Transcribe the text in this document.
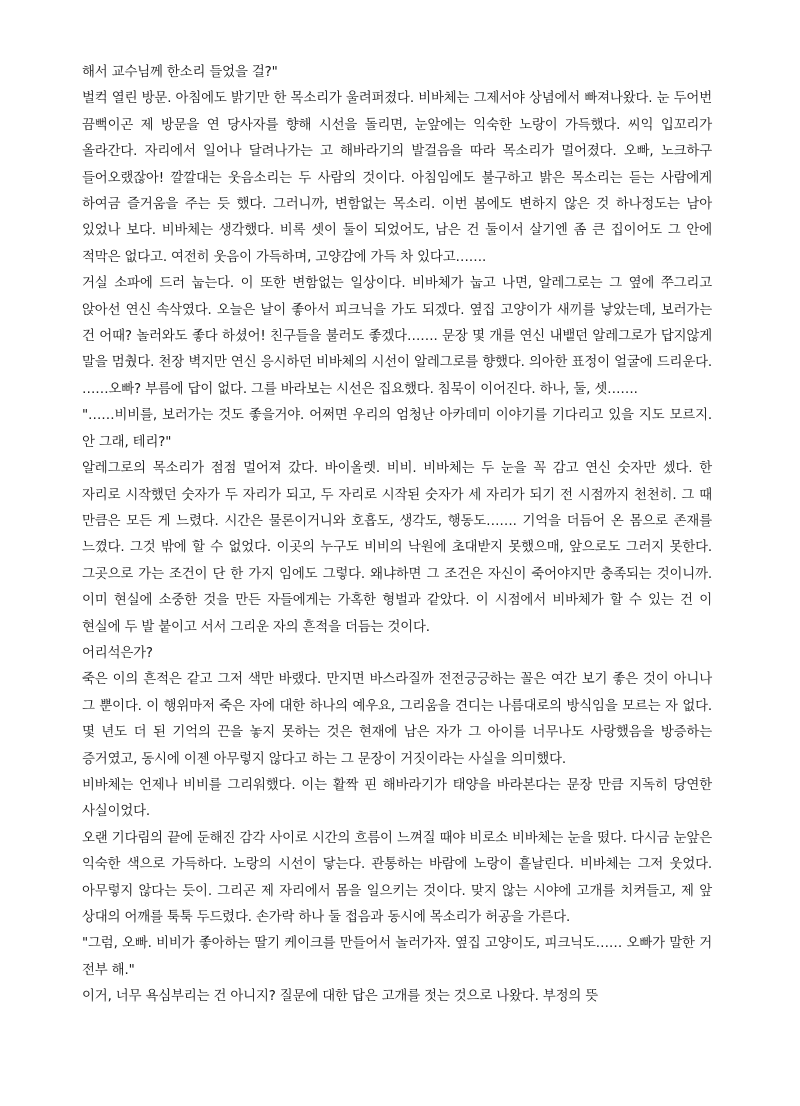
해서 교수님께 한소리 들었을 걸?"

벌컥 열린 방문. 아침에도 밝기만 한 목소리가 울려퍼졌다. 비바체는 그제서야 상념에서 빠져나왔다. 눈 두어번 끔뻑이곤 제 방문을 연 당사자를 향해 시선을 돌리면, 눈앞에는 익숙한 노랑이 가득했다. 씨익 입꼬리가 올라간다. 자리에서 일어나 달려나가는 고 해바라기의 발걸음을 따라 목소리가 멀어졌다. 오빠, 노크하구 들어오랬잖아! 깔깔대는 웃음소리는 두 사람의 것이다. 아침임에도 불구하고 밝은 목소리는 듣는 사람에게 하여금 즐거움을 주는 듯 했다. 그러니까, 변함없는 목소리. 이번 봄에도 변하지 않은 것 하나정도는 남아 있었나 보다. 비바체는 생각했다. 비록 셋이 둘이 되었어도, 남은 건 둘이서 살기엔 좀 큰 집이어도 그 안에 적막은 없다고. 여전히 웃음이 가득하며, 고양감에 가득 차 있다고…….

거실 소파에 드러 눕는다. 이 또한 변함없는 일상이다. 비바체가 눕고 나면, 알레그로는 그 옆에 쭈그리고 앉아선 연신 속삭였다. 오늘은 날이 좋아서 피크닉을 가도 되겠다. 옆집 고양이가 새끼를 낳았는데, 보러가는 건 어때? 놀러와도 좋다 하셨어! 친구들을 불러도 좋겠다……. 문장 몇 개를 연신 내뱉던 알레그로가 답지않게 말을 멈췄다. 천장 벽지만 연신 응시하던 비바체의 시선이 알레그로를 향했다. 의아한 표정이 얼굴에 드리운다. ……오빠? 부름에 답이 없다. 그를 바라보는 시선은 집요했다. 침묵이 이어진다. 하나, 둘, 셋…….

"……비비를, 보러가는 것도 좋을거야. 어쩌면 우리의 엄청난 아카데미 이야기를 기다리고 있을 지도 모르지. 안 그래, 테리?"

알레그로의 목소리가 점점 멀어져 갔다. 바이올렛. 비비. 비바체는 두 눈을 꼭 감고 연신 숫자만 셌다. 한 자리로 시작했던 숫자가 두 자리가 되고, 두 자리로 시작된 숫자가 세 자리가 되기 전 시점까지 천천히. 그 때 만큼은 모든 게 느렸다. 시간은 물론이거니와 호흡도, 생각도, 행동도……. 기억을 더듬어 온 몸으로 존재를 느꼈다. 그것 밖에 할 수 없었다. 이곳의 누구도 비비의 낙원에 초대받지 못했으매, 앞으로도 그러지 못한다. 그곳으로 가는 조건이 단 한 가지 임에도 그렇다. 왜냐하면 그 조건은 자신이 죽어야지만 충족되는 것이니까. 이미 현실에 소중한 것을 만든 자들에게는 가혹한 형벌과 같았다. 이 시점에서 비바체가 할 수 있는 건 이 현실에 두 발 붙이고 서서 그리운 자의 흔적을 더듬는 것이다.

어리석은가?

죽은 이의 흔적은 같고 그저 색만 바랬다. 만지면 바스라질까 전전긍긍하는 꼴은 여간 보기 좋은 것이 아니나 그 뿐이다. 이 행위마저 죽은 자에 대한 하나의 예우요, 그리움을 견디는 나름대로의 방식임을 모르는 자 없다. 몇 년도 더 된 기억의 끈을 놓지 못하는 것은 현재에 남은 자가 그 아이를 너무나도 사랑했음을 방증하는 증거였고, 동시에 이젠 아무렇지 않다고 하는 그 문장이 거짓이라는 사실을 의미했다.

비바체는 언제나 비비를 그리워했다. 이는 활짝 핀 해바라기가 태양을 바라본다는 문장 만큼 지독히 당연한 사실이었다.

오랜 기다림의 끝에 둔해진 감각 사이로 시간의 흐름이 느껴질 때야 비로소 비바체는 눈을 떴다. 다시금 눈앞은 익숙한 색으로 가득하다. 노랑의 시선이 닿는다. 관통하는 바람에 노랑이 흩날린다. 비바체는 그저 웃었다. 아무렇지 않다는 듯이. 그리곤 제 자리에서 몸을 일으키는 것이다. 맞지 않는 시야에 고개를 치켜들고, 제 앞 상대의 어깨를 툭툭 두드렸다. 손가락 하나 둘 접음과 동시에 목소리가 허공을 가른다.

"그럼, 오빠. 비비가 좋아하는 딸기 케이크를 만들어서 놀러가자. 옆집 고양이도, 피크닉도…… 오빠가 말한 거 전부 해."

이거, 너무 욕심부리는 건 아니지? 질문에 대한 답은 고개를 젓는 것으로 나왔다. 부정의 뜻
